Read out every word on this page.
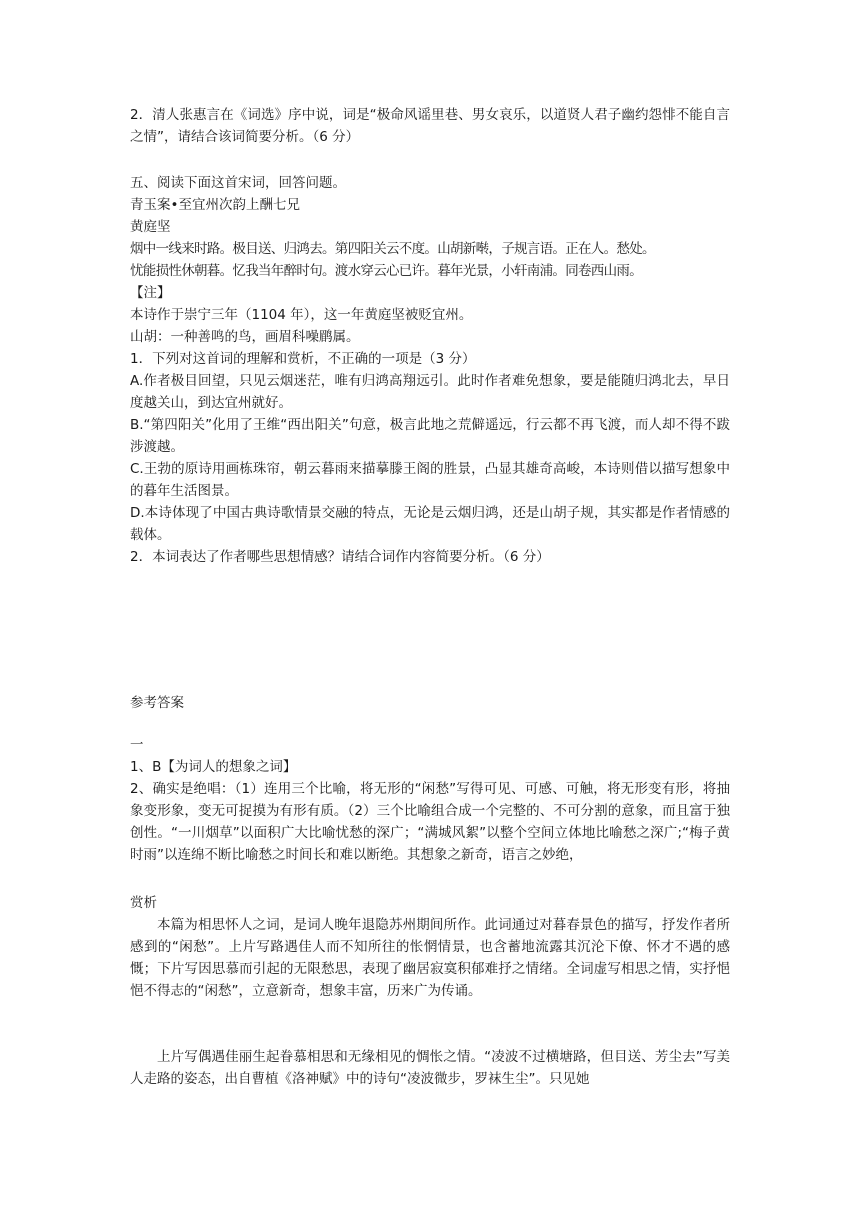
2．清人张惠言在《词选》序中说，词是“极命风谣里巷、男女哀乐，以道贤人君子幽约怨悱不能自言之情”，请结合该词简要分析。（6 分）

五、阅读下面这首宋词，回答问题。

青玉案•至宜州次韵上酬七兄

黄庭坚

烟中一线来时路。极目送、归鸿去。第四阳关云不度。山胡新啭，子规言语。正在人。愁处。

忧能损性休朝暮。忆我当年醉时句。渡水穿云心已许。暮年光景，小轩南浦。同卷西山雨。

【注】

本诗作于崇宁三年（1104 年），这一年黄庭坚被贬宜州。

山胡：一种善鸣的鸟，画眉科噪鹛属。

1．下列对这首词的理解和赏析，不正确的一项是（3 分）

A.作者极目回望，只见云烟迷茫，唯有归鸿高翔远引。此时作者难免想象，要是能随归鸿北去，早日度越关山，到达宜州就好。

B.“第四阳关”化用了王维“西出阳关”句意，极言此地之荒僻遥远，行云都不再飞渡，而人却不得不跋涉渡越。

C.王勃的原诗用画栋珠帘，朝云暮雨来描摹滕王阁的胜景，凸显其雄奇高峻，本诗则借以描写想象中的暮年生活图景。

D.本诗体现了中国古典诗歌情景交融的特点，无论是云烟归鸿，还是山胡子规，其实都是作者情感的载体。

2．本词表达了作者哪些思想情感？请结合词作内容简要分析。（6 分）

参考答案

一

1、B【为词人的想象之词】

2、确实是绝唱：（1）连用三个比喻，将无形的“闲愁”写得可见、可感、可触，将无形变有形，将抽象变形象，变无可捉摸为有形有质。（2）三个比喻组合成一个完整的、不可分割的意象，而且富于独创性。“一川烟草”以面积广大比喻忧愁的深广；“满城风絮”以整个空间立体地比喻愁之深广;“梅子黄时雨”以连绵不断比喻愁之时间长和难以断绝。其想象之新奇，语言之妙绝，

赏析

本篇为相思怀人之词，是词人晚年退隐苏州期间所作。此词通过对暮春景色的描写，抒发作者所感到的“闲愁”。上片写路遇佳人而不知所往的怅惘情景，也含蓄地流露其沉沦下僚、怀才不遇的感慨；下片写因思慕而引起的无限愁思，表现了幽居寂寞积郁难抒之情绪。全词虚写相思之情，实抒悒悒不得志的“闲愁”，立意新奇，想象丰富，历来广为传诵。

上片写偶遇佳丽生起眷慕相思和无缘相见的惆怅之情。“凌波不过横塘路，但目送、芳尘去”写美人走路的姿态，出自曹植《洛神赋》中的诗句“凌波微步，罗袜生尘”。只见她
